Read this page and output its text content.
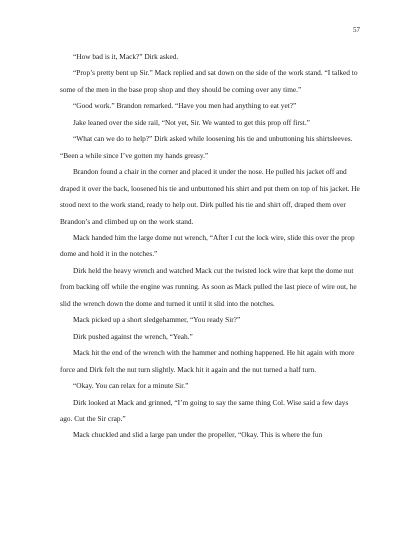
57

“How bad is it, Mack?” Dirk asked.

“Prop’s pretty bent up Sir.” Mack replied and sat down on the side of the work stand. “I talked to some of the men in the base prop shop and they should be coming over any time.”

“Good work.” Brandon remarked. “Have you men had anything to eat yet?”

Jake leaned over the side rail, “Not yet, Sir. We wanted to get this prop off first.”

“What can we do to help?” Dirk asked while loosening his tie and unbuttoning his shirtsleeves. “Been a while since I’ve gotten my hands greasy.”

Brandon found a chair in the corner and placed it under the nose. He pulled his jacket off and draped it over the back, loosened his tie and unbuttoned his shirt and put them on top of his jacket. He stood next to the work stand, ready to help out. Dirk pulled his tie and shirt off, draped them over Brandon’s and climbed up on the work stand.

Mack handed him the large dome nut wrench, “After I cut the lock wire, slide this over the prop dome and hold it in the notches.”

Dirk held the heavy wrench and watched Mack cut the twisted lock wire that kept the dome nut from backing off while the engine was running. As soon as Mack pulled the last piece of wire out, he slid the wrench down the dome and turned it until it slid into the notches.

Mack picked up a short sledgehammer, “You ready Sir?”

Dirk pushed against the wrench, “Yeah.”

Mack hit the end of the wrench with the hammer and nothing happened. He hit again with more force and Dirk felt the nut turn slightly. Mack hit it again and the nut turned a half turn.

“Okay. You can relax for a minute Sir.”

Dirk looked at Mack and grinned, “I’m going to say the same thing Col. Wise said a few days ago. Cut the Sir crap.”

Mack chuckled and slid a large pan under the propeller, “Okay. This is where the fun
